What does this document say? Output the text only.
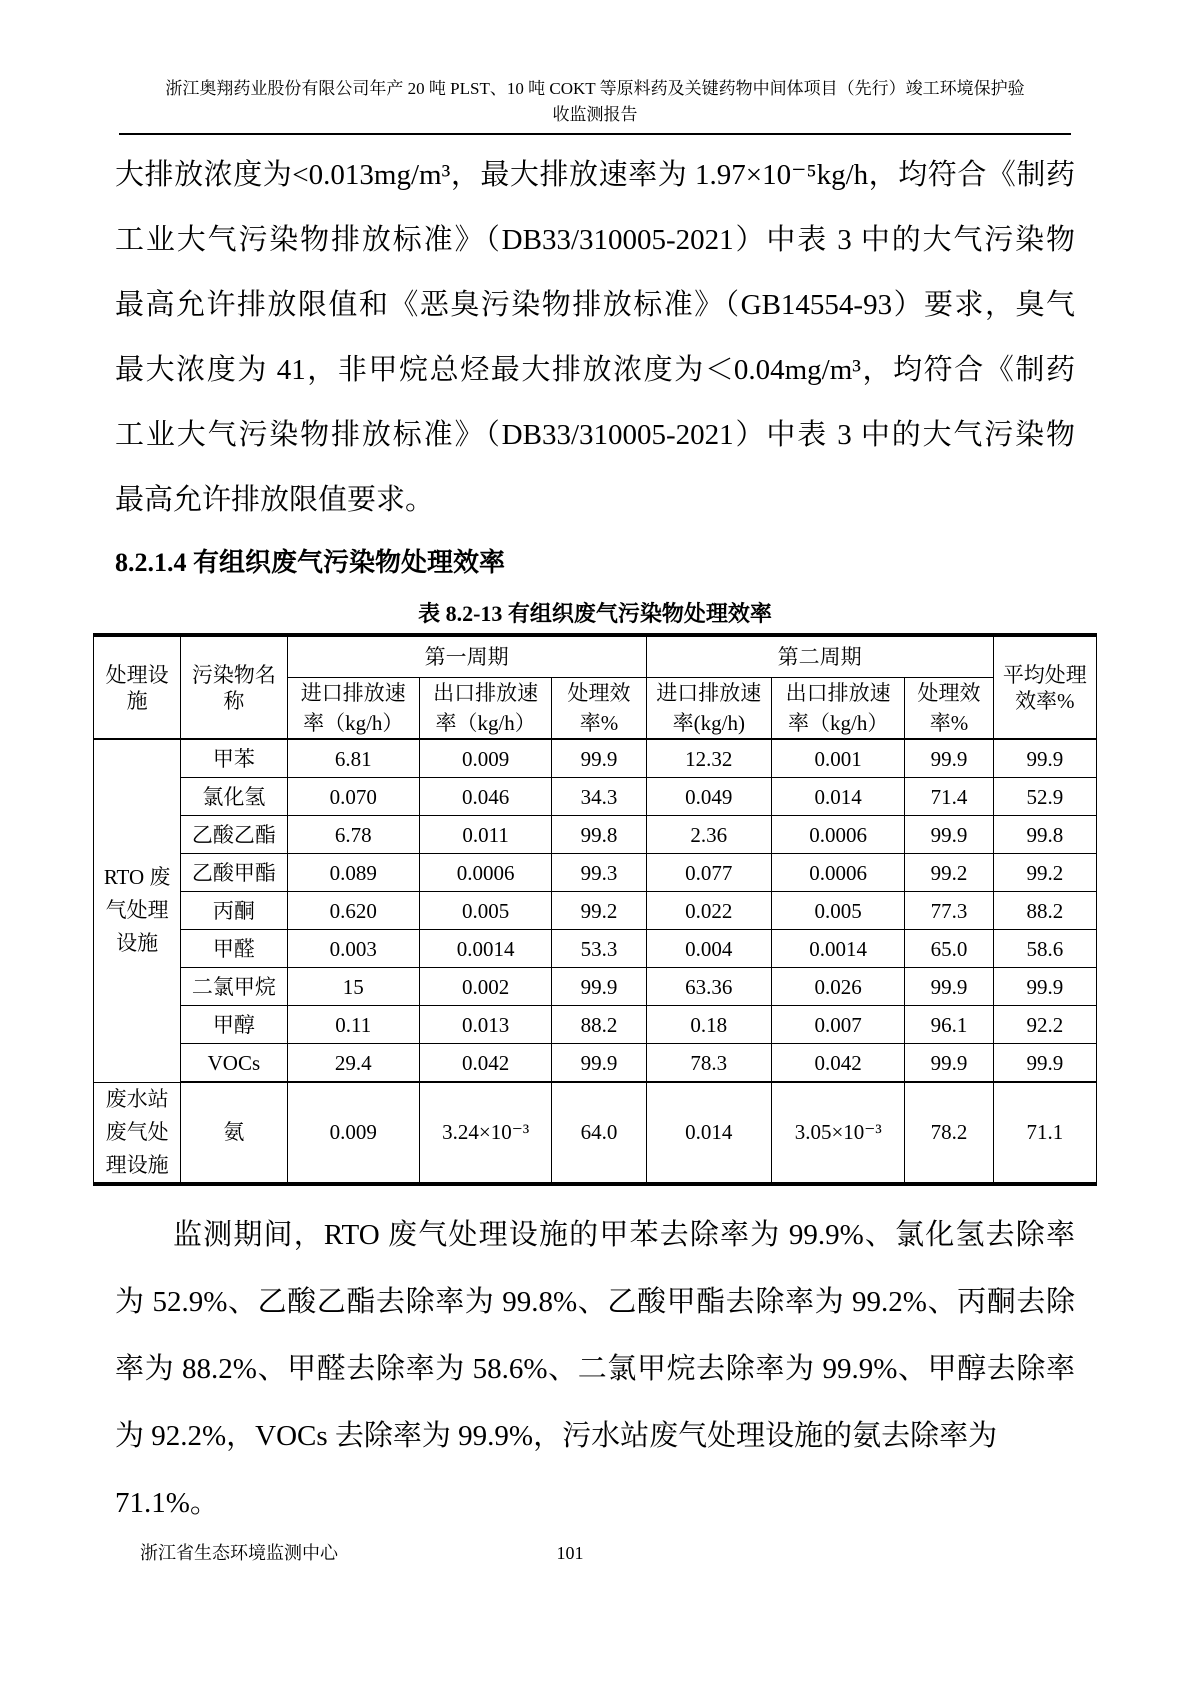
浙江奥翔药业股份有限公司年产 20 吨 PLST、10 吨 COKT 等原料药及关键药物中间体项目（先行）竣工环境保护验
收监测报告
大排放浓度为<0.013mg/m³，最大排放速率为 1.97×10⁻⁵kg/h，均符合《制药
工业大气污染物排放标准》（DB33/310005-2021）中表 3 中的大气污染物
最高允许排放限值和《恶臭污染物排放标准》（GB14554-93）要求，臭气
最大浓度为 41，非甲烷总烃最大排放浓度为＜0.04mg/m³，均符合《制药
工业大气污染物排放标准》（DB33/310005-2021）中表 3 中的大气污染物
最高允许排放限值要求。
8.2.1.4 有组织废气污染物处理效率
表 8.2-13 有组织废气污染物处理效率
处理设施	污染物名称	第一周期			第二周期			平均处理效率%
		进口排放速率（kg/h）	出口排放速率（kg/h）	处理效率%	进口排放速率(kg/h)	出口排放速率（kg/h）	处理效率%	
RTO 废气处理设施	甲苯	6.81	0.009	99.9	12.32	0.001	99.9	99.9
	氯化氢	0.070	0.046	34.3	0.049	0.014	71.4	52.9
	乙酸乙酯	6.78	0.011	99.8	2.36	0.0006	99.9	99.8
	乙酸甲酯	0.089	0.0006	99.3	0.077	0.0006	99.2	99.2
	丙酮	0.620	0.005	99.2	0.022	0.005	77.3	88.2
	甲醛	0.003	0.0014	53.3	0.004	0.0014	65.0	58.6
	二氯甲烷	15	0.002	99.9	63.36	0.026	99.9	99.9
	甲醇	0.11	0.013	88.2	0.18	0.007	96.1	92.2
	VOCs	29.4	0.042	99.9	78.3	0.042	99.9	99.9
废水站废气处理设施	氨	0.009	3.24×10⁻³	64.0	0.014	3.05×10⁻³	78.2	71.1
监测期间，RTO 废气处理设施的甲苯去除率为 99.9%、氯化氢去除率
为 52.9%、乙酸乙酯去除率为 99.8%、乙酸甲酯去除率为 99.2%、丙酮去除
率为 88.2%、甲醛去除率为 58.6%、二氯甲烷去除率为 99.9%、甲醇去除率
为 92.2%，VOCs 去除率为 99.9%，污水站废气处理设施的氨去除率为 71.1%。
101
浙江省生态环境监测中心
